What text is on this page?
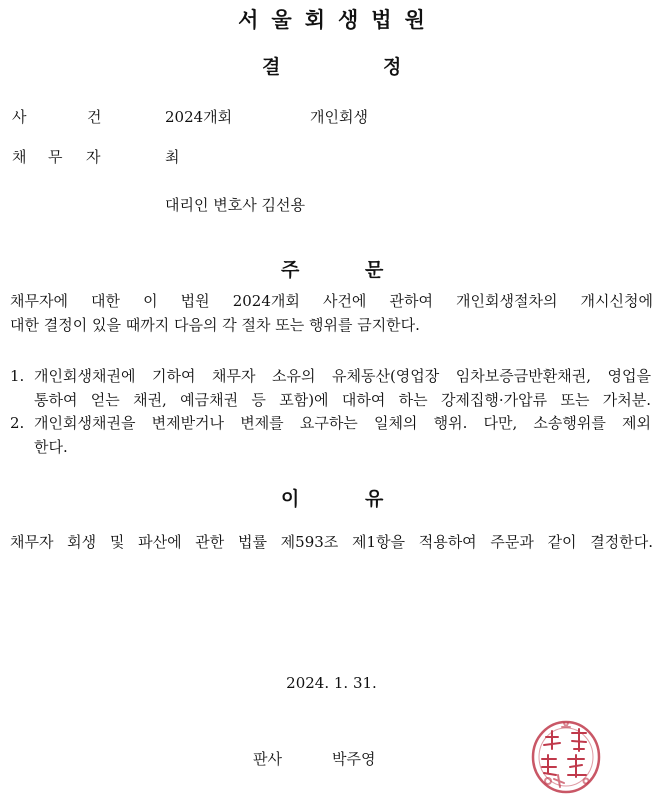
서울회생법원
결	정
사	건	2024개회	개인회생
채 무 자	최
대리인 변호사 김선용
주	문
채무자에 대한 이 법원 2024개회 사건에 관하여 개인회생절차의 개시신청에
대한 결정이 있을 때까지 다음의 각 절차 또는 행위를 금지한다.
1. 개인회생채권에 기하여 채무자 소유의 유체동산(영업장 임차보증금반환채권, 영업을
통하여 얻는 채권, 예금채권 등 포함)에 대하여 하는 강제집행·가압류 또는 가처분.
2. 개인회생채권을 변제받거나 변제를 요구하는 일체의 행위. 다만, 소송행위를 제외
한다.
이	유
채무자 회생 및 파산에 관한 법률 제593조 제1항을 적용하여 주문과 같이 결정한다.
2024. 1. 31.
판사	박주영
